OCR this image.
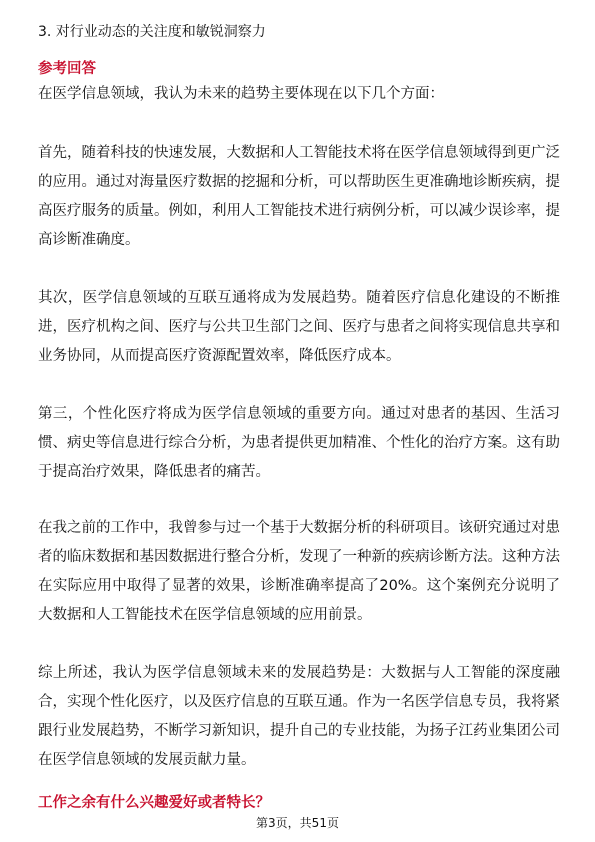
3. 对行业动态的关注度和敏锐洞察力
参考回答

在医学信息领域，我认为未来的趋势主要体现在以下几个方面：

首先，随着科技的快速发展，大数据和人工智能技术将在医学信息领域得到更广泛的应用。通过对海量医疗数据的挖掘和分析，可以帮助医生更准确地诊断疾病，提高医疗服务的质量。例如，利用人工智能技术进行病例分析，可以减少误诊率，提高诊断准确度。

其次，医学信息领域的互联互通将成为发展趋势。随着医疗信息化建设的不断推进，医疗机构之间、医疗与公共卫生部门之间、医疗与患者之间将实现信息共享和业务协同，从而提高医疗资源配置效率，降低医疗成本。

第三，个性化医疗将成为医学信息领域的重要方向。通过对患者的基因、生活习惯、病史等信息进行综合分析，为患者提供更加精准、个性化的治疗方案。这有助于提高治疗效果，降低患者的痛苦。

在我之前的工作中，我曾参与过一个基于大数据分析的科研项目。该研究通过对患者的临床数据和基因数据进行整合分析，发现了一种新的疾病诊断方法。这种方法在实际应用中取得了显著的效果，诊断准确率提高了20%。这个案例充分说明了大数据和人工智能技术在医学信息领域的应用前景。

综上所述，我认为医学信息领域未来的发展趋势是：大数据与人工智能的深度融合，实现个性化医疗，以及医疗信息的互联互通。作为一名医学信息专员，我将紧跟行业发展趋势，不断学习新知识，提升自己的专业技能，为扬子江药业集团公司在医学信息领域的发展贡献力量。

工作之余有什么兴趣爱好或者特长？
第3页，共51页
